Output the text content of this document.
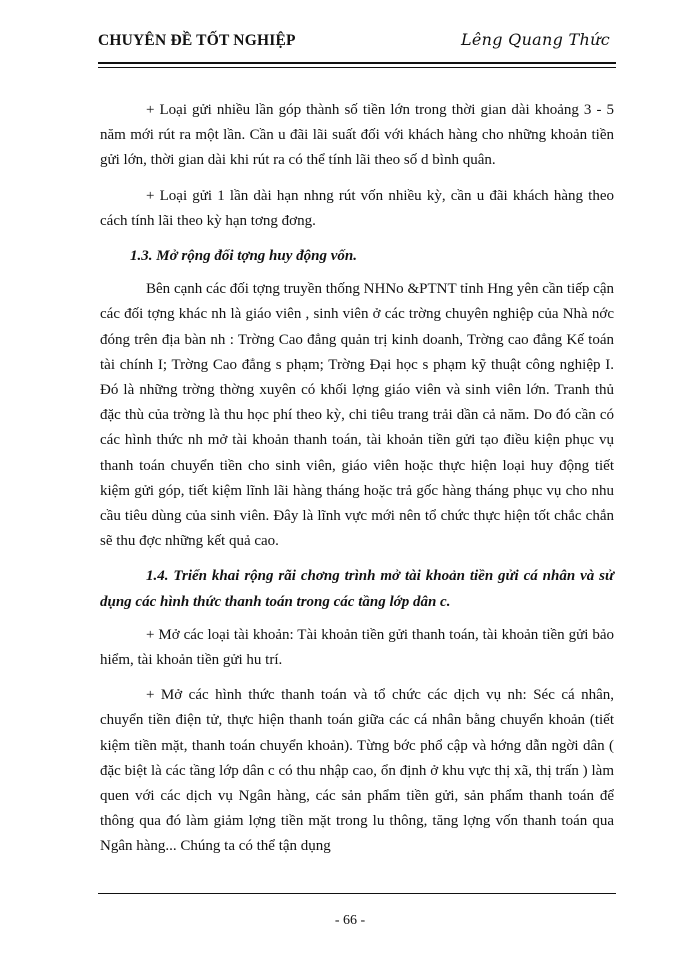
CHUYÊN ĐỀ TỐT NGHIỆP	Lêng Quang Thức

+ Loại gửi nhiều lần góp thành số tiền lớn trong thời gian dài khoảng 3 - 5 năm mới rút ra một lần. Cần u đãi lãi suất đối với khách hàng cho những khoản tiền gửi lớn, thời gian dài khi rút ra có thể tính lãi theo số d bình quân.

+ Loại gửi 1 lần dài hạn nhng rút vốn nhiều kỳ, cần u đãi khách hàng theo cách tính lãi theo kỳ hạn tơng đơng.

1.3. Mở rộng đối tợng huy động vốn.

Bên cạnh các đối tợng truyền thống NHNo &PTNT tỉnh Hng yên cần tiếp cận các đối tợng khác nh là giáo viên , sinh viên ở các trờng chuyên nghiệp của Nhà nớc đóng trên địa bàn nh : Trờng Cao đẳng quản trị kinh doanh, Trờng cao đẳng Kế toán tài chính I; Trờng Cao đẳng s phạm; Trờng Đại học s phạm kỹ thuật công nghiệp I. Đó là những trờng thờng xuyên có khối lợng giáo viên và sinh viên lớn. Tranh thủ đặc thù của trờng là thu học phí theo kỳ, chi tiêu trang trải dần cả năm. Do đó cần có các hình thức nh mở tài khoản thanh toán, tài khoản tiền gửi tạo điều kiện phục vụ thanh toán chuyển tiền cho sinh viên, giáo viên hoặc thực hiện loại huy động tiết kiệm gửi góp, tiết kiệm lĩnh lãi hàng tháng hoặc trả gốc hàng tháng phục vụ cho nhu cầu tiêu dùng của sinh viên. Đây là lĩnh vực mới nên tổ chức thực hiện tốt chắc chắn sẽ thu đợc những kết quả cao.

1.4. Triển khai rộng rãi chơng trình mở tài khoản tiền gửi cá nhân và sử dụng các hình thức thanh toán trong các tầng lớp dân c.

+ Mở các loại tài khoản: Tài khoản tiền gửi thanh toán, tài khoản tiền gửi bảo hiểm, tài khoản tiền gửi hu trí.

+ Mở các hình thức thanh toán và tổ chức các dịch vụ nh: Séc cá nhân, chuyển tiền điện tử, thực hiện thanh toán giữa các cá nhân bằng chuyển khoản (tiết kiệm tiền mặt, thanh toán chuyển khoản). Từng bớc phổ cập và hớng dẫn ngời dân ( đặc biệt là các tầng lớp dân c có thu nhập cao, ổn định ở khu vực thị xã, thị trấn ) làm quen với các dịch vụ Ngân hàng, các sản phẩm tiền gửi, sản phẩm thanh toán để thông qua đó làm giảm lợng tiền mặt trong lu thông, tăng lợng vốn thanh toán qua Ngân hàng... Chúng ta có thể tận dụng

- 66 -
